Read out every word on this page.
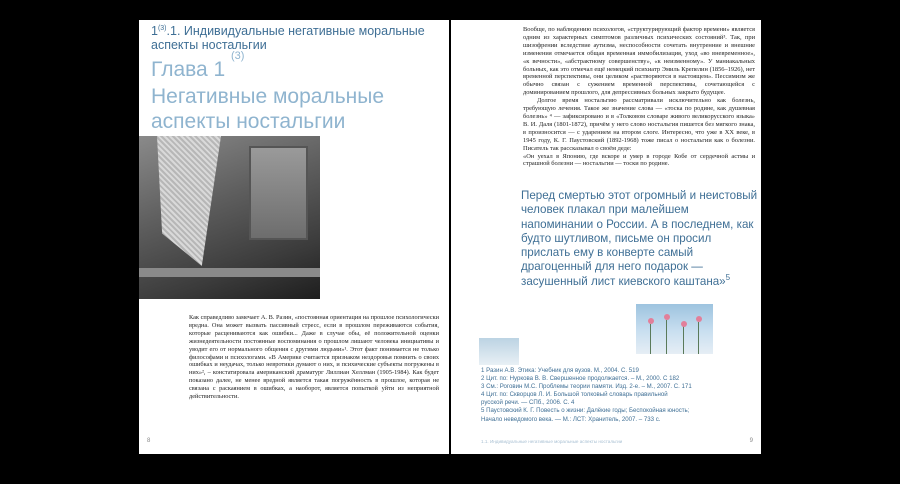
1$^{(3)}$.1. Индивидуальные негативные моральные аспекты ностальгии
Глава 1
(3)
Негативные моральные аспекты ностальгии
Как справедливо замечает А. В. Разин, «постоянная ориентация на прошлое психологически вредна. Она может вызвать пассивный стресс, если в прошлом переживаются события, которые расцениваются как ошибки... Даже в случае обы, её положительной оценки жизнедеятельности постоянные воспоминания о прошлом лишают человека инициативы и уводит его от нормального общения с другими людьми»¹. Этот факт понимается не только философами и психологами. «В Америке считается признаком нездоровья помнить о своих ошибках и неудачах, только невротики думают о них, и психические субъекты погружены в них»², – констатировала американский драматург Лиллиан Хеллман (1905-1984). Как будет показано далее, не менее вредной является такая погружённость в прошлое, которая не связана с раскаянием в ошибках, а наоборот, является попыткой уйти из неприятной действительности.
8

Вообще, по наблюдению психологов, «структурирующий фактор времени» является одним из характерных симптомов различных психических состояний³. Так, при шизофрении вследствие аутизма, неспособности сочетать внутренние и внешние изменения отмечается общая временная иммобилизация, уход «во вневременное», «к вечности», «абстрактному совершенству», «к неизменному». У маниакальных больных, как это отмечал ещё немецкий психиатр Эмиль Крепелин (1856–1926), нет временной перспективы, они целиком «растворяются в настоящем». Пессимизм же обычно связан с сужением временной перспективы, сочетающейся с доминированием прошлого, для депрессивных больных закрыто будущее.

Долгое время ностальгию рассматривали исключительно как болезнь, требующую лечения. Такое же значение слова — «тоска по родине, как душевная болезнь» ⁴ — зафиксировано и в «Толковом словаре живого великорусского языка» В. И. Даля (1801-1872), причём у него слово ностальгия пишется без мягкого знака, в произносится — с ударением на втором слоге. Интересно, что уже в XX веке, в 1945 году, К. Г. Паустовский (1892-1968) тоже писал о ностальгии как о болезни. Писатель так рассказывал о своём деде:

«Он уехал в Японию, где вскоре и умер в городе Кобе от сердечной астмы и страшной болезни — ностальгии — тоски по родине.

Перед смертью этот огромный и неистовый человек плакал при малейшем напоминании о России. А в последнем, как будто шутливом, письме он просил прислать ему в конверте самый драгоценный для него подарок — засушенный лист киевского каштана»$^5$
1 Разин А.В. Этика: Учебник для вузов. М., 2004. С. 519
2 Цит. по: Нуркова В. В. Свершенное продолжается. – М., 2000. С 182
3 См.: Роговин М.С. Проблемы теории памяти. Изд. 2-е. – М., 2007. С. 171
4 Цит. по: Скворцов Л. И. Большой толковый словарь правильной
русской речи. — СПб., 2006. С. 4
5 Паустовский К. Г. Повесть о жизни: Далёкие годы; Беспокойная юность;
Начало неведомого века. — М.: ЛСТ: Хранитель, 2007. – 733 с.
1.1. Индивидуальные негативные моральные аспекты ностальгии	9
